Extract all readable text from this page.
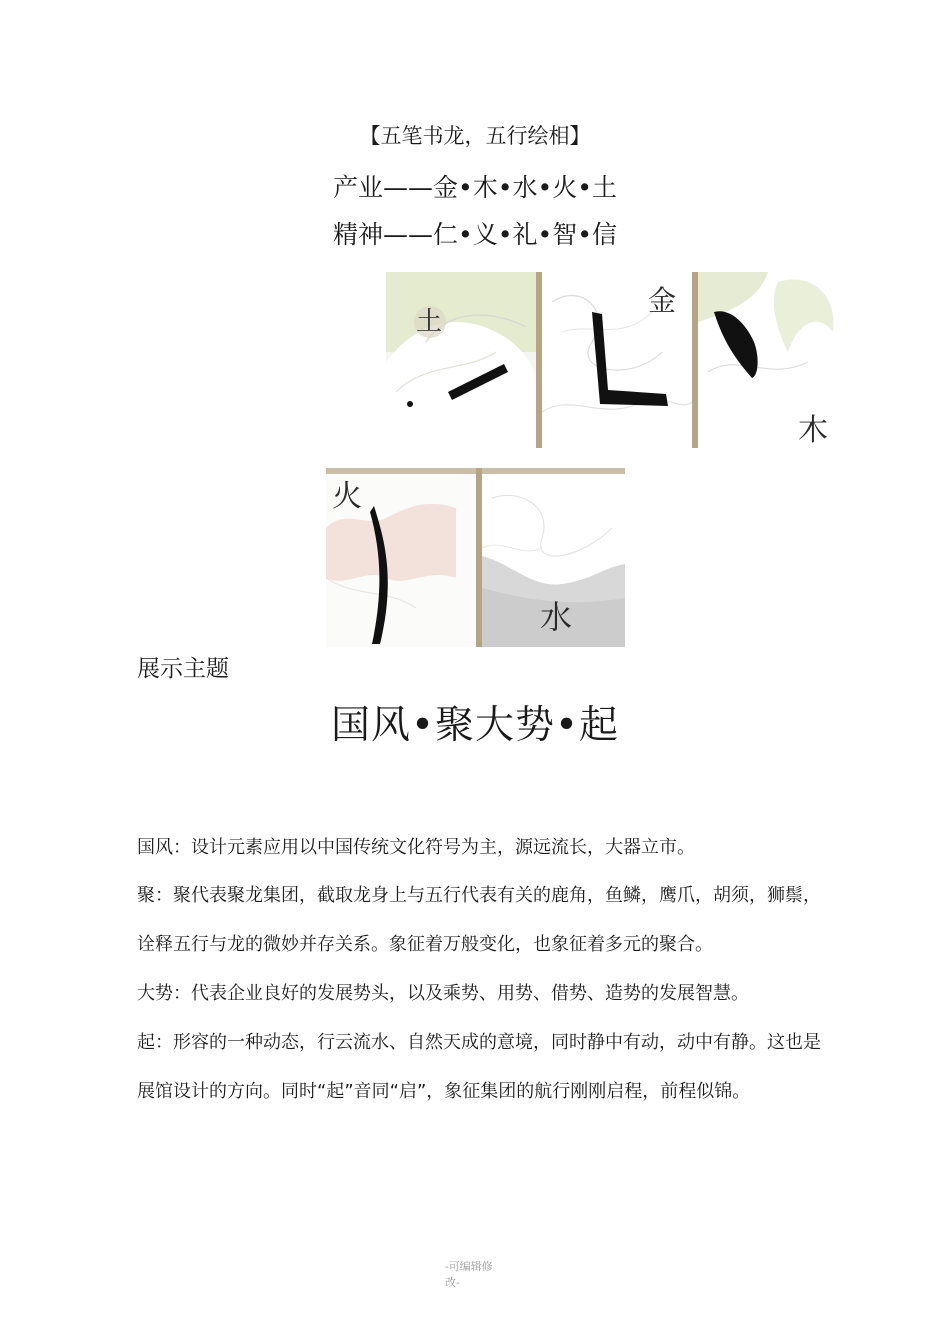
【五笔书龙，五行绘相】

产业——金•木•水•火•土

精神——仁•义•礼•智•信

土
金
木
火
水

展示主题

国风•聚大势•起

国风：设计元素应用以中国传统文化符号为主，源远流长，大器立市。

聚：聚代表聚龙集团，截取龙身上与五行代表有关的鹿角，鱼鳞，鹰爪，胡须，狮鬃，诠释五行与龙的微妙并存关系。象征着万般变化，也象征着多元的聚合。

大势：代表企业良好的发展势头，以及乘势、用势、借势、造势的发展智慧。

起：形容的一种动态，行云流水、自然天成的意境，同时静中有动，动中有静。这也是展馆设计的方向。同时“起”音同“启”，象征集团的航行刚刚启程，前程似锦。

-可编辑修改-
